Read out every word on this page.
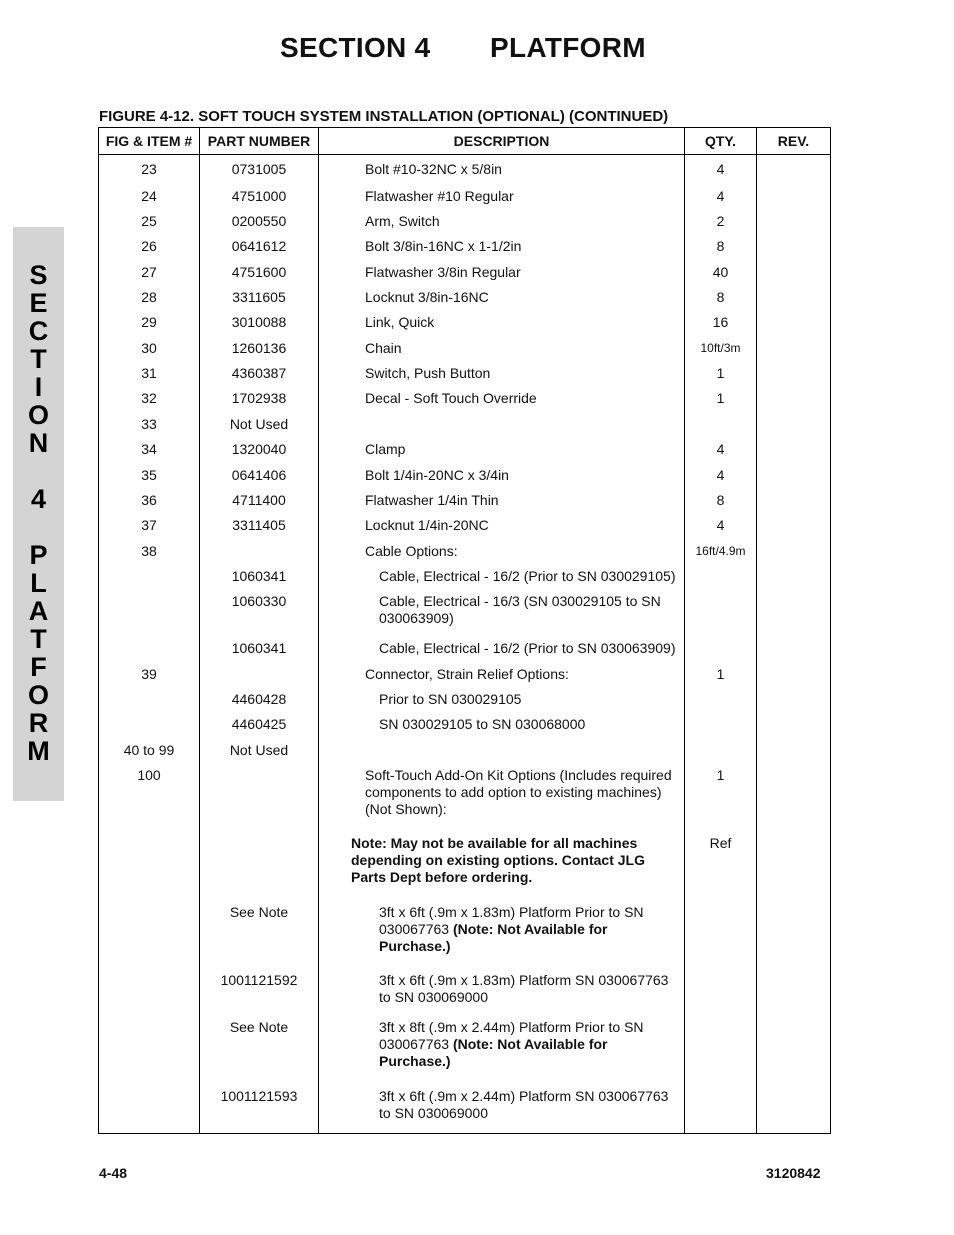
SECTION 4 PLATFORM
FIGURE 4-12. SOFT TOUCH SYSTEM INSTALLATION (OPTIONAL) (CONTINUED)
S
E
C
T
I
O
N
4
P
L
A
T
F
O
R
M
FIG & ITEM #	PART NUMBER	DESCRIPTION	QTY.	REV.
23	0731005	Bolt #10-32NC x 5/8in	4	
24	4751000	Flatwasher #10 Regular	4	
25	0200550	Arm, Switch	2	
26	0641612	Bolt 3/8in-16NC x 1-1/2in	8	
27	4751600	Flatwasher 3/8in Regular	40	
28	3311605	Locknut 3/8in-16NC	8	
29	3010088	Link, Quick	16	
30	1260136	Chain	10ft/3m	
31	4360387	Switch, Push Button	1	
32	1702938	Decal - Soft Touch Override	1	
33	Not Used			
34	1320040	Clamp	4	
35	0641406	Bolt 1/4in-20NC x 3/4in	4	
36	4711400	Flatwasher 1/4in Thin	8	
37	3311405	Locknut 1/4in-20NC	4	
38		Cable Options:	16ft/4.9m	
	1060341	Cable, Electrical - 16/2 (Prior to SN 030029105)		
	1060330	Cable, Electrical - 16/3 (SN 030029105 to SN 030063909)		
	1060341	Cable, Electrical - 16/2 (Prior to SN 030063909)		
39		Connector, Strain Relief Options:	1	
	4460428	Prior to SN 030029105		
	4460425	SN 030029105 to SN 030068000		
40 to 99	Not Used			
100		Soft-Touch Add-On Kit Options (Includes required components to add option to existing machines) (Not Shown):	1	
		Note: May not be available for all machines depending on existing options. Contact JLG Parts Dept before ordering.	Ref	
	See Note	3ft x 6ft (.9m x 1.83m) Platform Prior to SN 030067763 (Note: Not Available for Purchase.)		
	1001121592	3ft x 6ft (.9m x 1.83m) Platform SN 030067763 to SN 030069000		
	See Note	3ft x 8ft (.9m x 2.44m) Platform Prior to SN 030067763 (Note: Not Available for Purchase.)		
	1001121593	3ft x 6ft (.9m x 2.44m) Platform SN 030067763 to SN 030069000		

4-48	3120842
